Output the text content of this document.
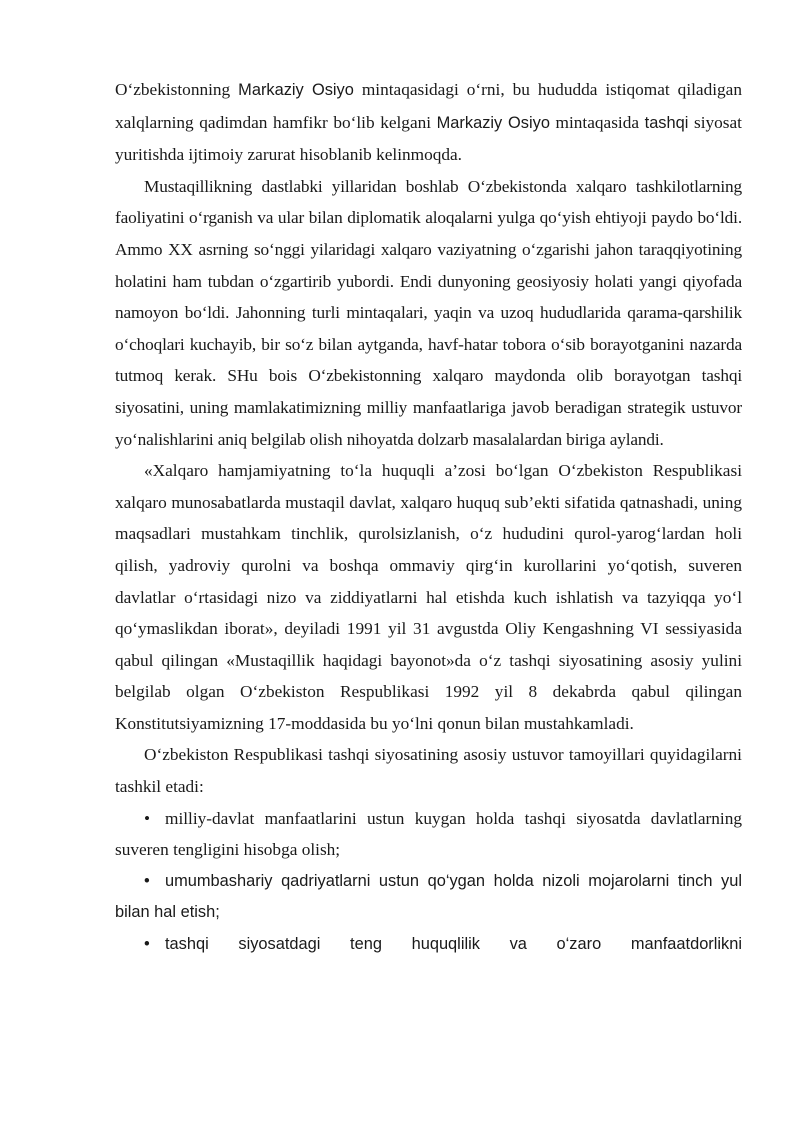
O‘zbekistonning Markaziy Osiyo mintaqasidagi o‘rni, bu hududda istiqomat qiladigan xalqlarning qadimdan hamfikr bo‘lib kelgani Markaziy Osiyo mintaqasida tashqi siyosat yuritishda ijtimoiy zarurat hisoblanib kelinmoqda.

Mustaqillikning dastlabki yillaridan boshlab O‘zbekistonda xalqaro tashkilotlarning faoliyatini o‘rganish va ular bilan diplomatik aloqalarni yulga qo‘yish ehtiyoji paydo bo‘ldi. Ammo XX asrning so‘nggi yilaridagi xalqaro vaziyatning o‘zgarishi jahon taraqqiyotining holatini ham tubdan o‘zgartirib yubordi. Endi dunyoning geosiyosiy holati yangi qiyofada namoyon bo‘ldi. Jahonning turli mintaqalari, yaqin va uzoq hududlarida qarama-qarshilik o‘choqlari kuchayib, bir so‘z bilan aytganda, havf-hatar tobora o‘sib borayotganini nazarda tutmoq kerak. SHu bois O‘zbekistonning xalqaro maydonda olib borayotgan tashqi siyosatini, uning mamlakatimizning milliy manfaatlariga javob beradigan strategik ustuvor yo‘nalishlarini aniq belgilab olish nihoyatda dolzarb masalalardan biriga aylandi.

«Xalqaro hamjamiyatning to‘la huquqli a’zosi bo‘lgan O‘zbekiston Respublikasi xalqaro munosabatlarda mustaqil davlat, xalqaro huquq sub’ekti sifatida qatnashadi, uning maqsadlari mustahkam tinchlik, qurolsizlanish, o‘z hududini qurol-yarog‘lardan holi qilish, yadroviy qurolni va boshqa ommaviy qirg‘in kurollarini yo‘qotish, suveren davlatlar o‘rtasidagi nizo va ziddiyatlarni hal etishda kuch ishlatish va tazyiqqa yo‘l qo‘ymaslikdan iborat», deyiladi 1991 yil 31 avgustda Oliy Kengashning VI sessiyasida qabul qilingan «Mustaqillik haqidagi bayonot»da o‘z tashqi siyosatining asosiy yulini belgilab olgan O‘zbekiston Respublikasi 1992 yil 8 dekabrda qabul qilingan Konstitutsiyamizning 17-moddasida bu yo‘lni qonun bilan mustahkamladi.

O‘zbekiston Respublikasi tashqi siyosatining asosiy ustuvor tamoyillari quyidagilarni tashkil etadi:

• milliy-davlat manfaatlarini ustun kuygan holda tashqi siyosatda davlatlarning suveren tengligini hisobga olish;

• umumbashariy qadriyatlarni ustun qo‘ygan holda nizoli mojarolarni tinch yul bilan hal etish;

• tashqi siyosatdagi teng huquqlilik va o‘zaro manfaatdorlikni
